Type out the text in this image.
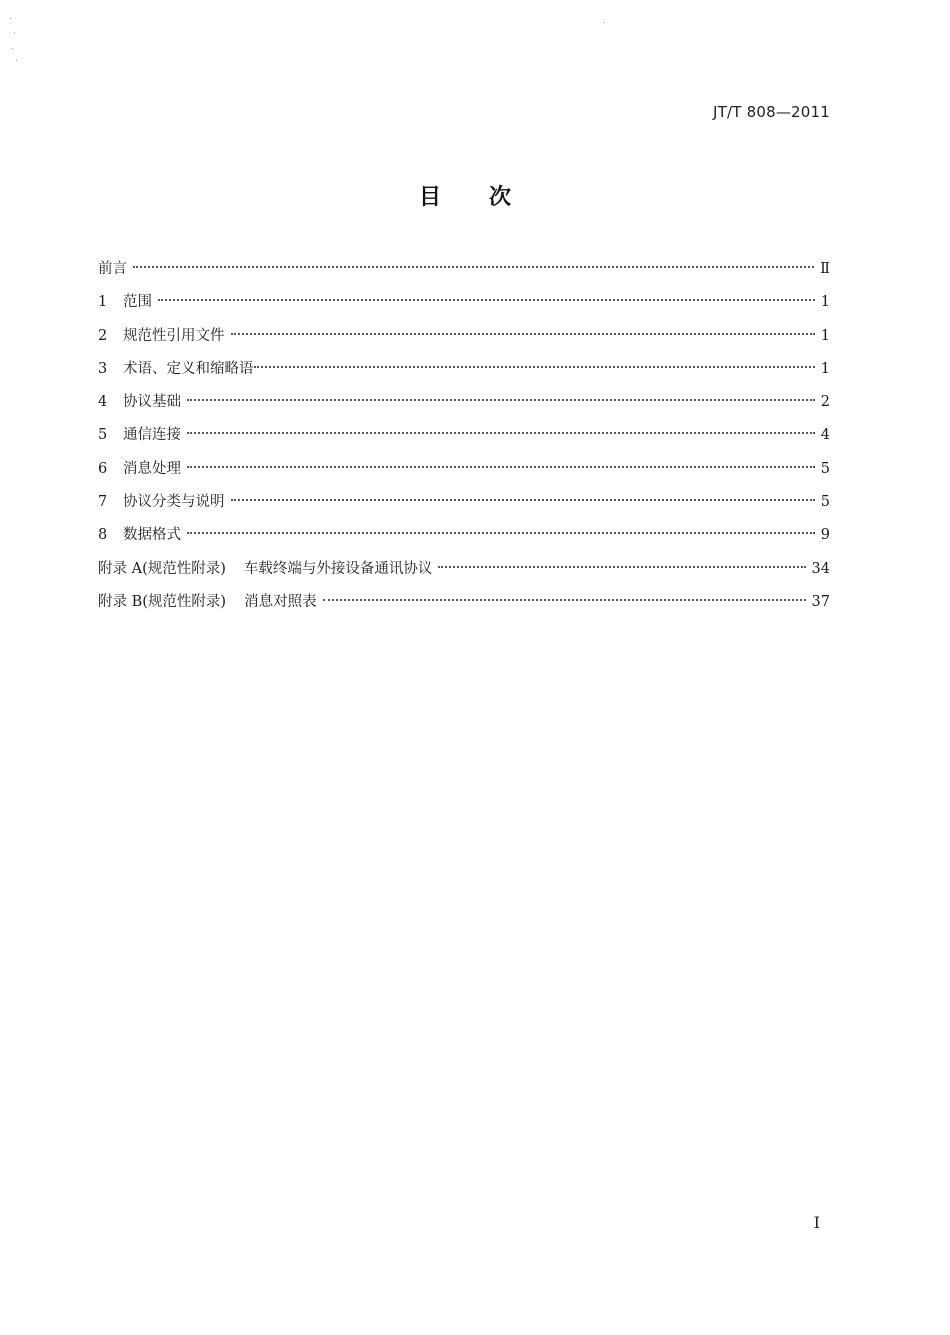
JT/T 808—2011
目次
前言	Ⅱ
1	范围	1
2	规范性引用文件	1
3	术语、定义和缩略语	1
4	协议基础	2
5	通信连接	4
6	消息处理	5
7	协议分类与说明	5
8	数据格式	9
附录 A(规范性附录) 车载终端与外接设备通讯协议	34
附录 B(规范性附录) 消息对照表	37
I
